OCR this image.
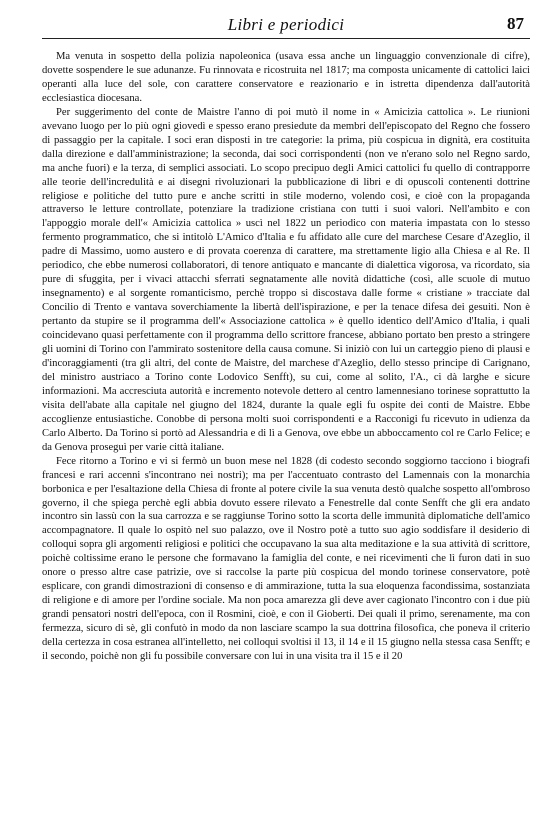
Libri e periodici	87

Ma venuta in sospetto della polizia napoleonica (usava essa anche un linguaggio convenzionale di cifre), dovette sospendere le sue adunanze. Fu rinnovata e ricostruita nel 1817; ma composta unicamente di cattolici laici operanti alla luce del sole, con carattere conservatore e reazionario e in istretta dipendenza dall'autorità ecclesiastica diocesana.

Per suggerimento del conte de Maistre l'anno di poi mutò il nome in « Amicizia cattolica ». Le riunioni avevano luogo per lo più ogni giovedì e spesso erano presiedute da membri dell'episcopato del Regno che fossero di passaggio per la capitale. I soci eran disposti in tre categorie: la prima, più cospicua in dignità, era costituita dalla direzione e dall'amministrazione; la seconda, dai soci corrispondenti (non ve n'erano solo nel Regno sardo, ma anche fuori) e la terza, di semplici associati. Lo scopo precipuo degli Amici cattolici fu quello di contrapporre alle teorie dell'incredulità e ai disegni rivoluzionari la pubblicazione di libri e di opuscoli contenenti dottrine religiose e politiche del tutto pure e anche scritti in stile moderno, volendo così, e cioè con la propaganda attraverso le letture controllate, potenziare la tradizione cristiana con tutti i suoi valori. Nell'ambito e con l'appoggio morale dell'« Amicizia cattolica » uscì nel 1822 un periodico con materia impastata con lo stesso fermento programmatico, che si intitolò L'Amico d'Italia e fu affidato alle cure del marchese Cesare d'Azeglio, il padre di Massimo, uomo austero e di provata coerenza di carattere, ma strettamente ligio alla Chiesa e al Re. Il periodico, che ebbe numerosi collaboratori, di tenore antiquato e mancante di dialettica vigorosa, va ricordato, sia pure di sfuggita, per i vivaci attacchi sferrati segnatamente alle novità didattiche (così, alle scuole di mutuo insegnamento) e al sorgente romanticismo, perchè troppo si discostava dalle forme « cristiane » tracciate dal Concilio di Trento e vantava soverchiamente la libertà dell'ispirazione, e per la tenace difesa dei gesuiti. Non è pertanto da stupire se il programma dell'« Associazione cattolica » è quello identico dell'Amico d'Italia, i quali coincidevano quasi perfettamente con il programma dello scrittore francese, abbiano portato ben presto a stringere gli uomini di Torino con l'ammirato sostenitore della causa comune. Si iniziò con lui un carteggio pieno di plausi e d'incoraggiamenti (tra gli altri, del conte de Maistre, del marchese d'Azeglio, dello stesso principe di Carignano, del ministro austriaco a Torino conte Lodovico Senfft), su cui, come al solito, l'A., ci dà larghe e sicure informazioni. Ma accresciuta autorità e incremento notevole dettero al centro lamennesiano torinese soprattutto la visita dell'abate alla capitale nel giugno del 1824, durante la quale egli fu ospite dei conti de Maistre. Ebbe accoglienze entusiastiche. Conobbe di persona molti suoi corrispondenti e a Racconigi fu ricevuto in udienza da Carlo Alberto. Da Torino si portò ad Alessandria e di lì a Genova, ove ebbe un abboccamento col re Carlo Felice; e da Genova proseguì per varie città italiane.

Fece ritorno a Torino e vi si fermò un buon mese nel 1828 (di codesto secondo soggiorno tacciono i biografi francesi e rari accenni s'incontrano nei nostri); ma per l'accentuato contrasto del Lamennais con la monarchia borbonica e per l'esaltazione della Chiesa di fronte al potere civile la sua venuta destò qualche sospetto all'ombroso governo, il che spiega perchè egli abbia dovuto essere rilevato a Fenestrelle dal conte Senfft che gli era andato incontro sin lassù con la sua carrozza e se raggiunse Torino sotto la scorta delle immunità diplomatiche dell'amico accompagnatore. Il quale lo ospitò nel suo palazzo, ove il Nostro potè a tutto suo agio soddisfare il desiderio di colloqui sopra gli argomenti religiosi e politici che occupavano la sua alta meditazione e la sua attività di scrittore, poichè coltissime erano le persone che formavano la famiglia del conte, e nei ricevimenti che lì furon dati in suo onore o presso altre case patrizie, ove si raccolse la parte più cospicua del mondo torinese conservatore, potè esplicare, con grandi dimostrazioni di consenso e di ammirazione, tutta la sua eloquenza facondissima, sostanziata di religione e di amore per l'ordine sociale. Ma non poca amarezza gli deve aver cagionato l'incontro con i due più grandi pensatori nostri dell'epoca, con il Rosmini, cioè, e con il Gioberti. Dei quali il primo, serenamente, ma con fermezza, sicuro di sè, gli confutò in modo da non lasciare scampo la sua dottrina filosofica, che poneva il criterio della certezza in cosa estranea all'intelletto, nei colloqui svoltisi il 13, il 14 e il 15 giugno nella stessa casa Senfft; e il secondo, poichè non gli fu possibile conversare con lui in una visita tra il 15 e il 20
